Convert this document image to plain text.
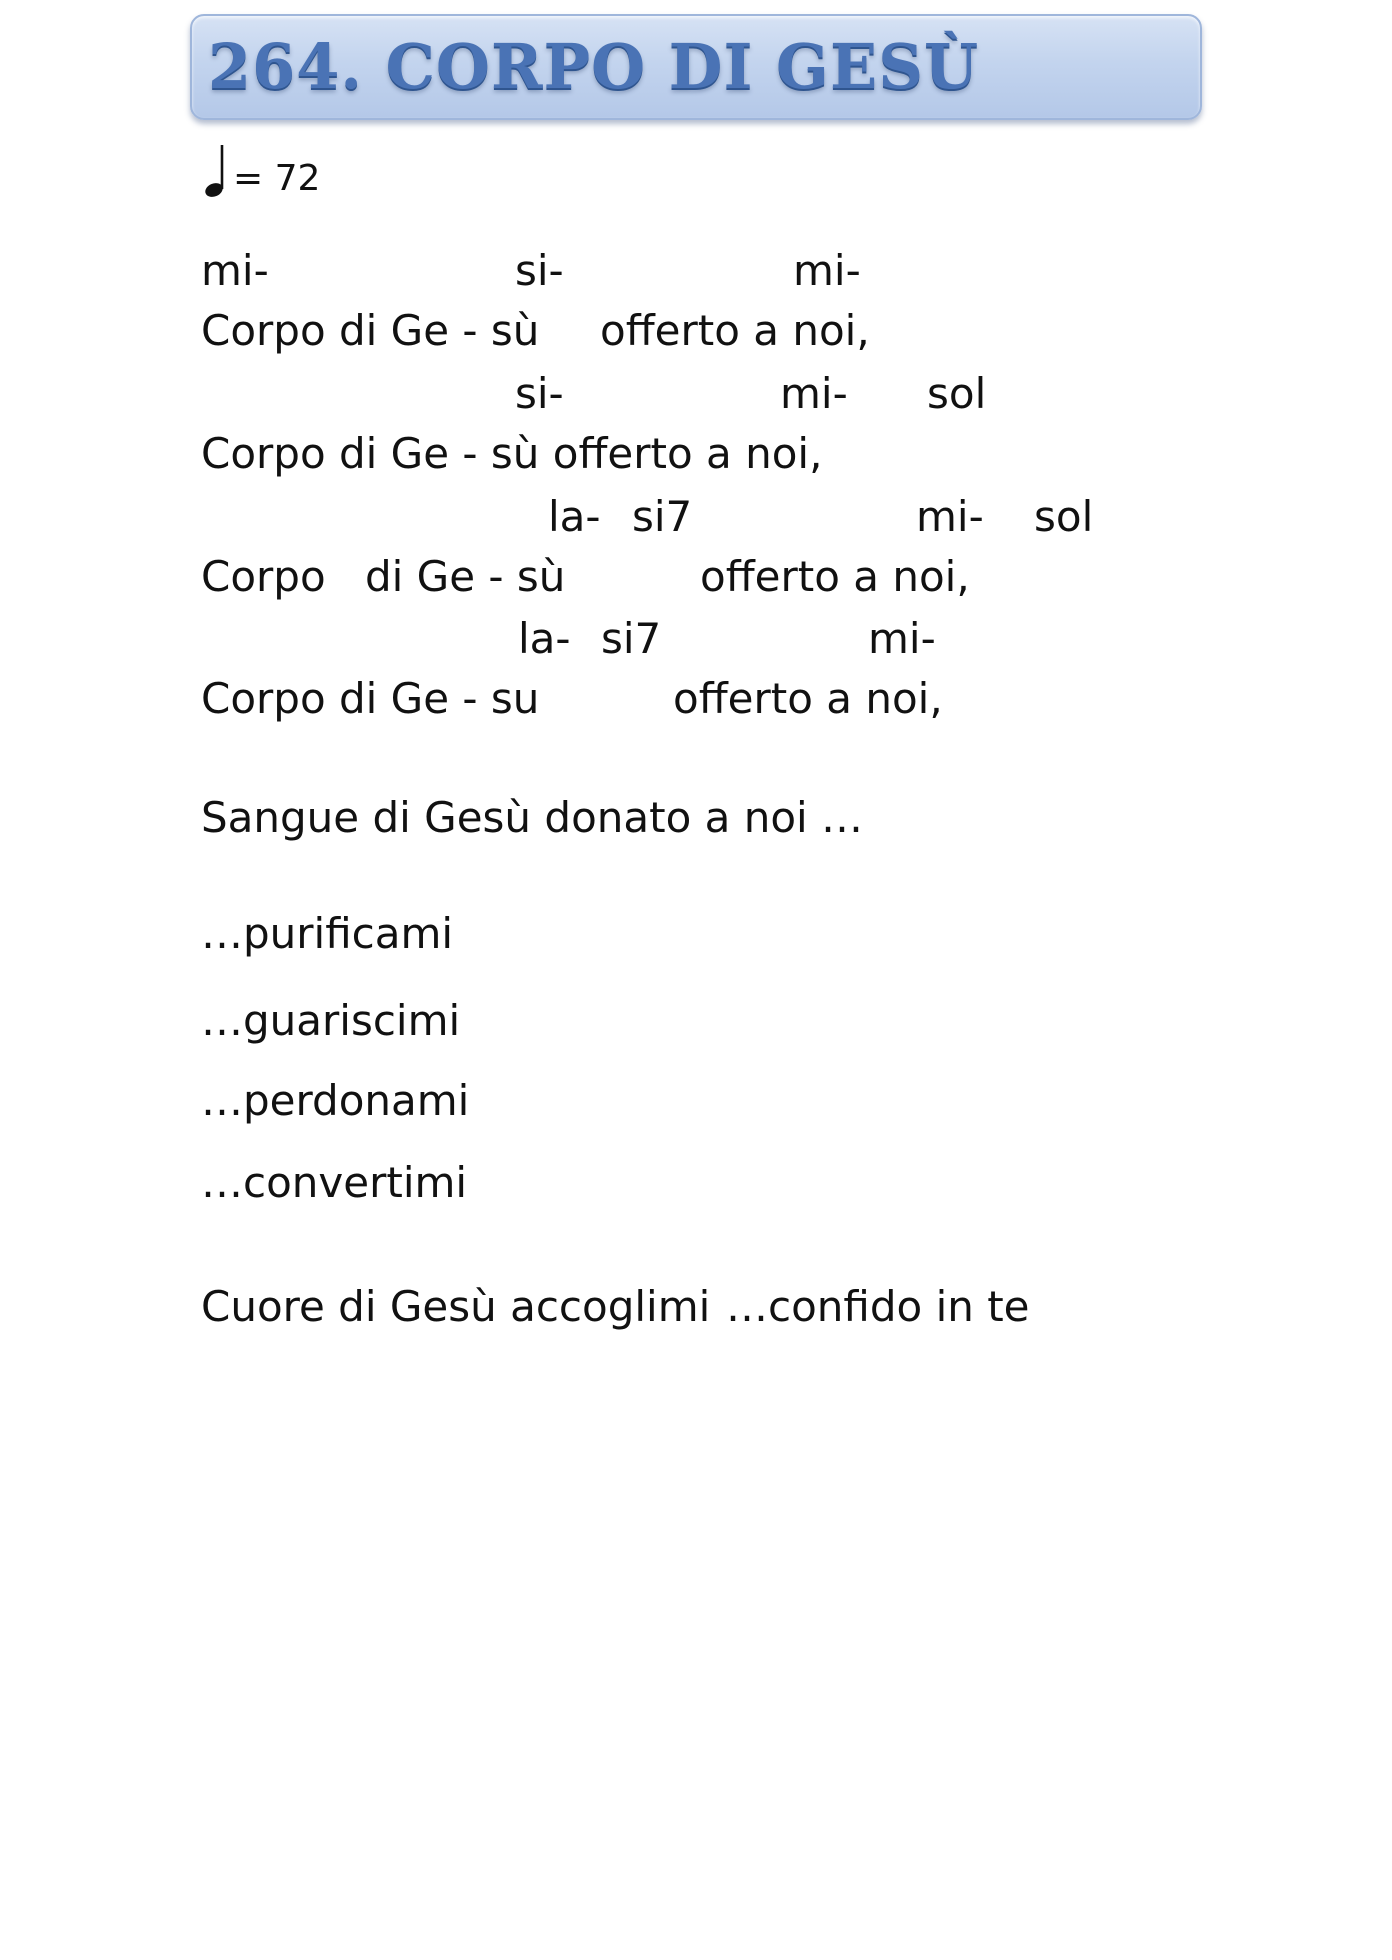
264. CORPO DI GESÙ
= 72
mi-	si-	mi-
Corpo di Ge - sù offerto a noi,
si-	mi- sol
Corpo di Ge - sù offerto a noi,
la- si7	mi- sol
Corpo di Ge - sù	offerto a noi,
la- si7	mi-
Corpo di Ge - su	offerto a noi,
Sangue di Gesù donato a noi …
…purificami
…guariscimi
…perdonami
…convertimi
Cuore di Gesù accoglimi …confido in te
